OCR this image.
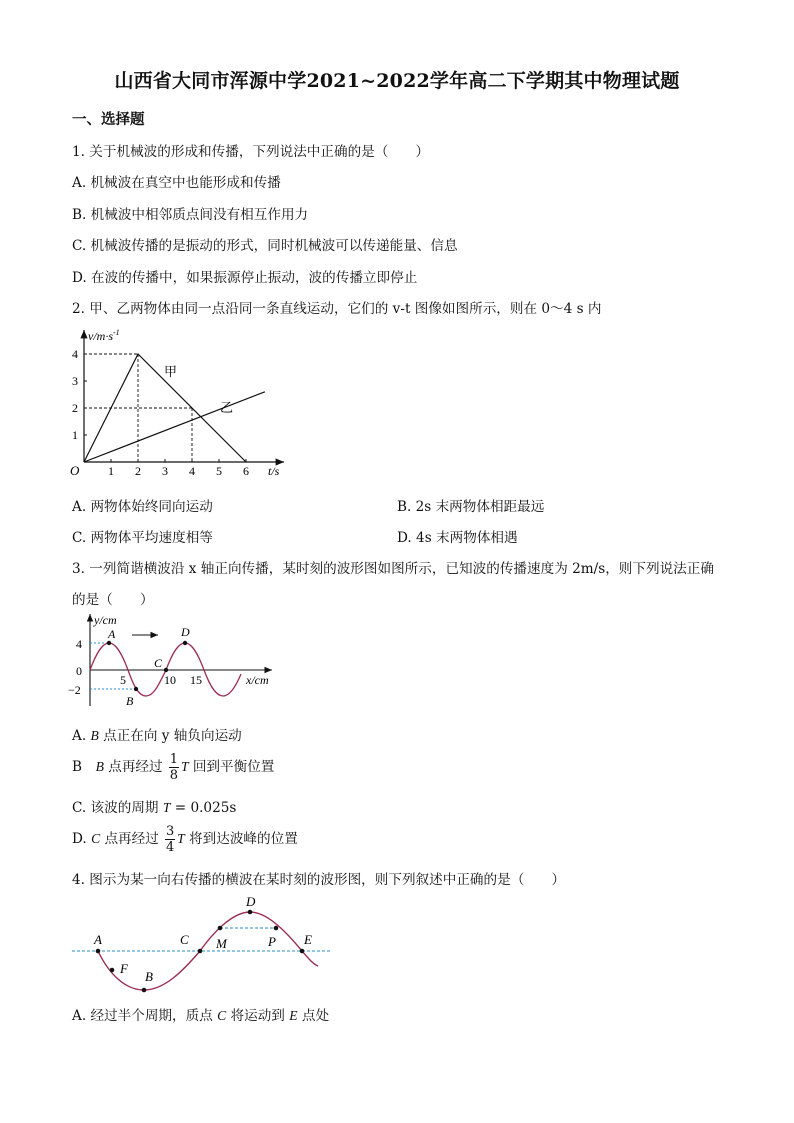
山西省大同市浑源中学2021~2022学年高二下学期其中物理试题
一、选择题
1. 关于机械波的形成和传播，下列说法中正确的是（　　）
A. 机械波在真空中也能形成和传播
B. 机械波中相邻质点间没有相互作用力
C. 机械波传播的是振动的形式，同时机械波可以传递能量、信息
D. 在波的传播中，如果振源停止振动，波的传播立即停止
2. 甲、乙两物体由同一点沿同一条直线运动，它们的 v-t 图像如图所示，则在 0～4 s 内
$v/m\cdot s^{-1}$
t/s
O 1 2 3 4 5 6
1
2
3
4
甲
乙
A. 两物体始终同向运动	B. 2s 末两物体相距最远
C. 两物体平均速度相等	D. 4s 末两物体相遇
3. 一列简谐横波沿 x 轴正向传播，某时刻的波形图如图所示，已知波的传播速度为 2m/s，则下列说法正确
的是（　　）
y/cm
x/cm
4
0
−2
5	10 15
A
B
C
D
A. B 点正在向 y 轴负向运动
B　B 点再经过 $\frac{1}{8}$ T 回到平衡位置
C. 该波的周期 T = 0.025s
D. C 点再经过 $\frac{3}{4}$ T 将到达波峰的位置
4. 图示为某一向右传播的横波在某时刻的波形图，则下列叙述中正确的是（　　）
A
F
B
C M
D
P E
A. 经过半个周期，质点 C 将运动到 E 点处
